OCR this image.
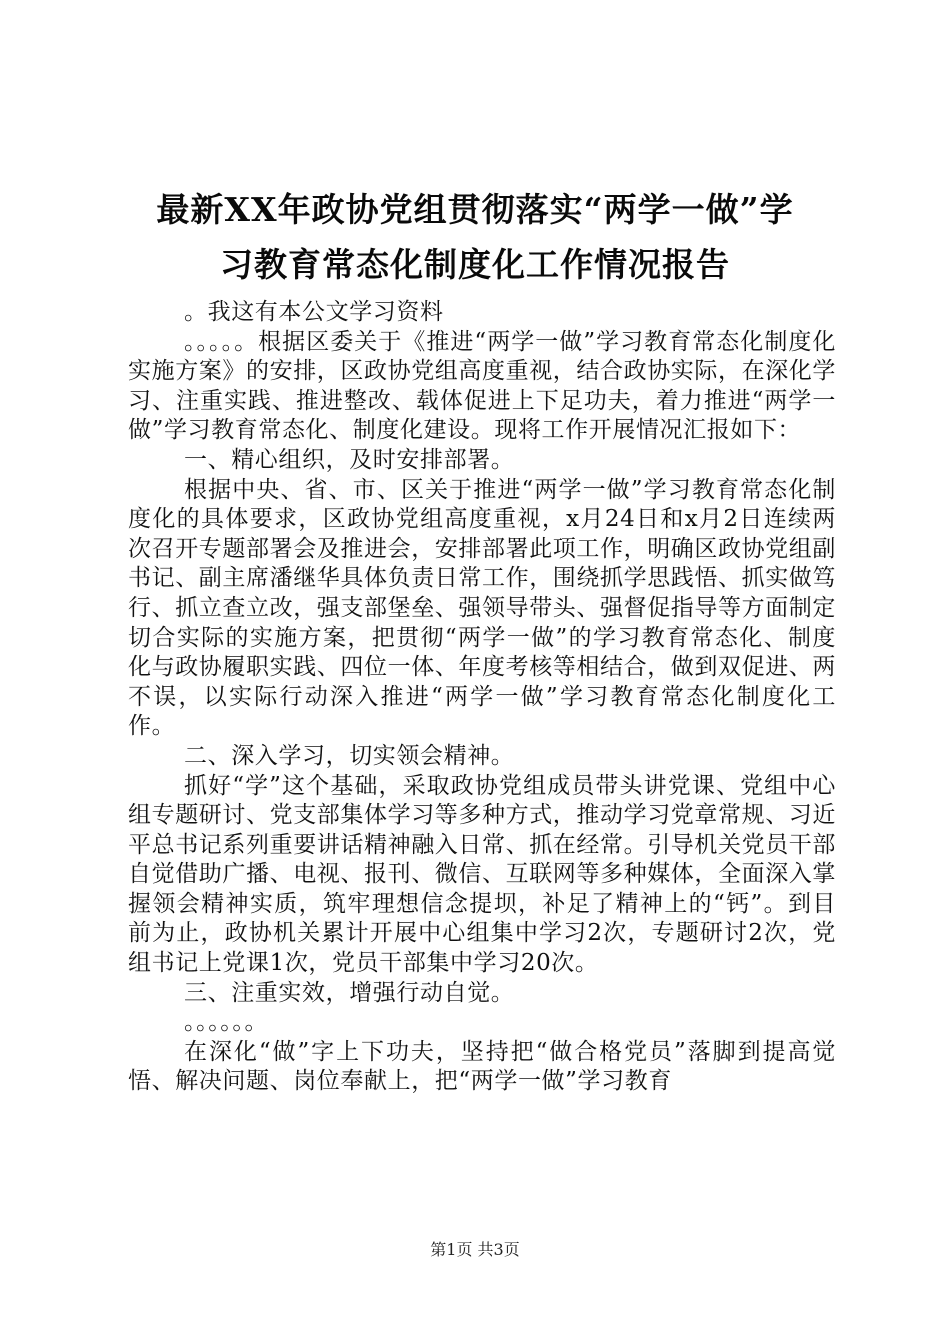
最新XX年政协党组贯彻落实“两学一做”学
习教育常态化制度化工作情况报告

。我这有本公文学习资料

。。。。。根据区委关于《推进“两学一做”学习教育常态化制度化实施方案》的安排，区政协党组高度重视，结合政协实际，在深化学习、注重实践、推进整改、载体促进上下足功夫，着力推进“两学一做”学习教育常态化、制度化建设。现将工作开展情况汇报如下：

一、精心组织，及时安排部署。

根据中央、省、市、区关于推进“两学一做”学习教育常态化制度化的具体要求，区政协党组高度重视，x月24日和x月2日连续两次召开专题部署会及推进会，安排部署此项工作，明确区政协党组副书记、副主席潘继华具体负责日常工作，围绕抓学思践悟、抓实做笃行、抓立查立改，强支部堡垒、强领导带头、强督促指导等方面制定切合实际的实施方案，把贯彻“两学一做”的学习教育常态化、制度化与政协履职实践、四位一体、年度考核等相结合，做到双促进、两不误，以实际行动深入推进“两学一做”学习教育常态化制度化工作。

二、深入学习，切实领会精神。

抓好“学”这个基础，采取政协党组成员带头讲党课、党组中心组专题研讨、党支部集体学习等多种方式，推动学习党章常规、习近平总书记系列重要讲话精神融入日常、抓在经常。引导机关党员干部自觉借助广播、电视、报刊、微信、互联网等多种媒体，全面深入掌握领会精神实质，筑牢理想信念提坝，补足了精神上的“钙”。到目前为止，政协机关累计开展中心组集中学习2次，专题研讨2次，党组书记上党课1次，党员干部集中学习20次。

三、注重实效，增强行动自觉。

。。。。。。

在深化“做”字上下功夫，坚持把“做合格党员”落脚到提高觉悟、解决问题、岗位奉献上，把“两学一做”学习教育

第1页 共3页
